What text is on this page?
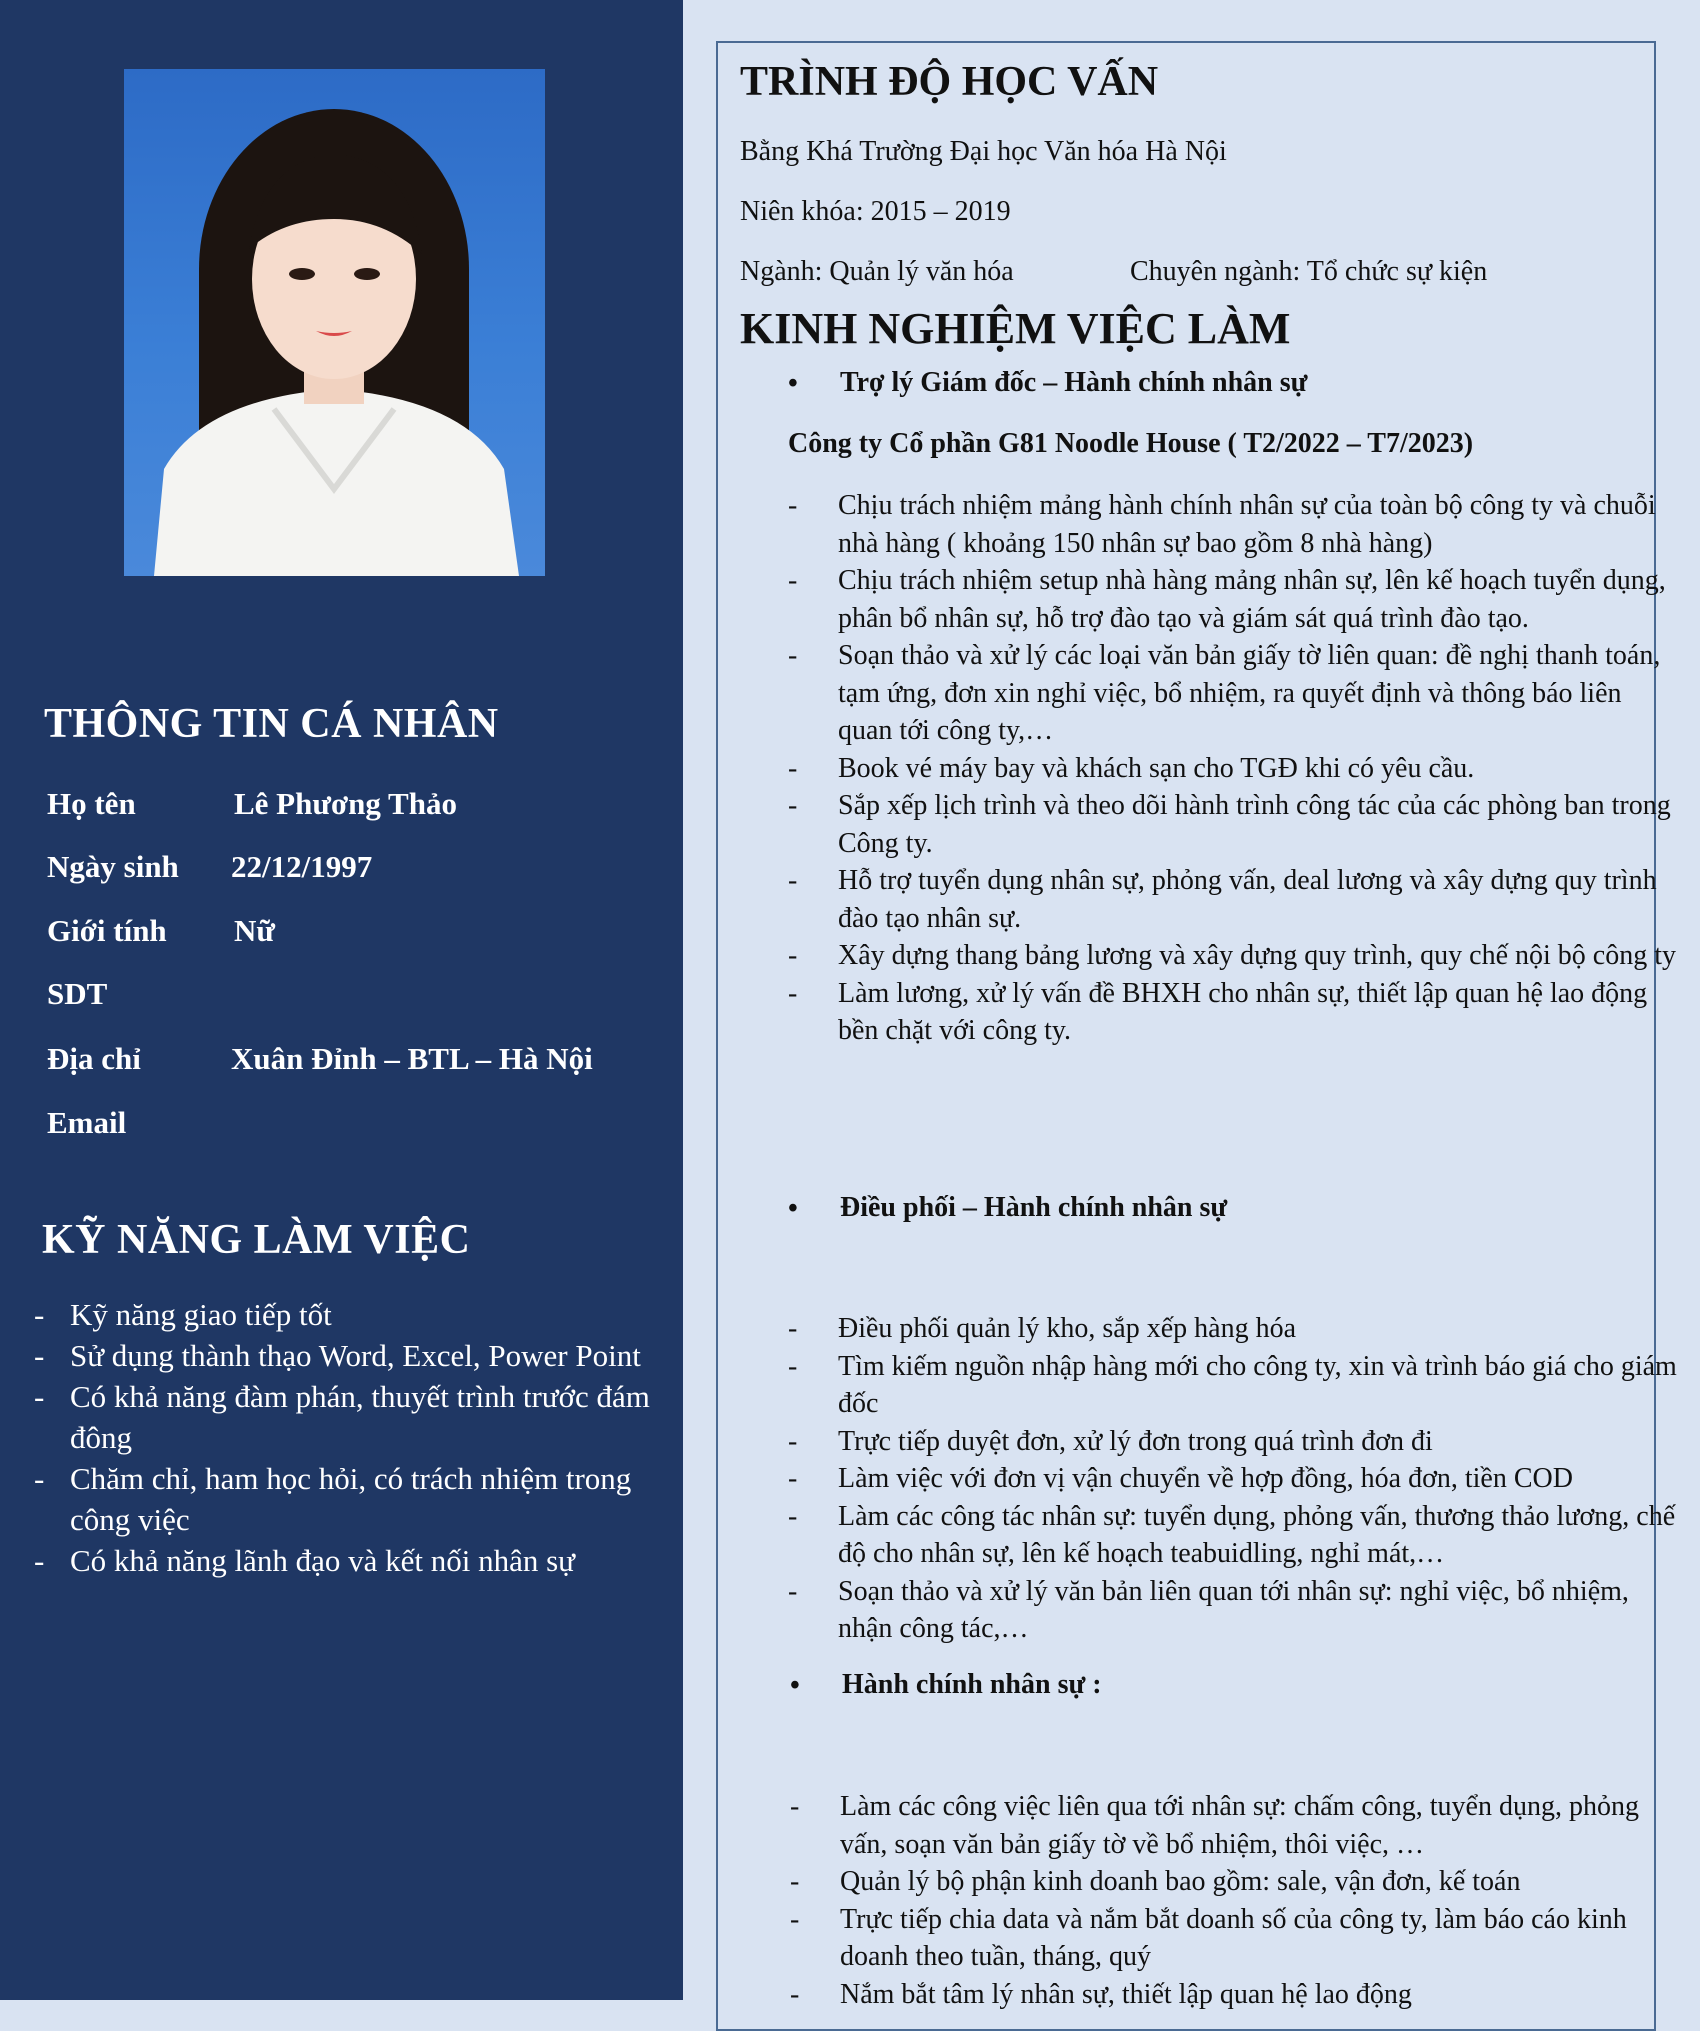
THÔNG TIN CÁ NHÂN
Họ tên	Lê Phương Thảo
Ngày sinh 22/12/1997
Giới tính Nữ
SDT
Địa chỉ	Xuân Đỉnh – BTL – Hà Nội
Email
KỸ NĂNG LÀM VIỆC
- Kỹ năng giao tiếp tốt
- Sử dụng thành thạo Word, Excel, Power Point
- Có khả năng đàm phán, thuyết trình trước đám đông
- Chăm chỉ, ham học hỏi, có trách nhiệm trong công việc
- Có khả năng lãnh đạo và kết nối nhân sự
TRÌNH ĐỘ HỌC VẤN
Bằng Khá Trường Đại học Văn hóa Hà Nội
Niên khóa: 2015 – 2019
Ngành: Quản lý văn hóa	Chuyên ngành: Tổ chức sự kiện
KINH NGHIỆM VIỆC LÀM
• Trợ lý Giám đốc – Hành chính nhân sự
Công ty Cổ phần G81 Noodle House ( T2/2022 – T7/2023)
- Chịu trách nhiệm mảng hành chính nhân sự của toàn bộ công ty và chuỗi nhà hàng ( khoảng 150 nhân sự bao gồm 8 nhà hàng)
- Chịu trách nhiệm setup nhà hàng mảng nhân sự, lên kế hoạch tuyển dụng, phân bổ nhân sự, hỗ trợ đào tạo và giám sát quá trình đào tạo.
- Soạn thảo và xử lý các loại văn bản giấy tờ liên quan: đề nghị thanh toán, tạm ứng, đơn xin nghỉ việc, bổ nhiệm, ra quyết định và thông báo liên quan tới công ty,…
- Book vé máy bay và khách sạn cho TGĐ khi có yêu cầu.
- Sắp xếp lịch trình và theo dõi hành trình công tác của các phòng ban trong Công ty.
- Hỗ trợ tuyển dụng nhân sự, phỏng vấn, deal lương và xây dựng quy trình đào tạo nhân sự.
- Xây dựng thang bảng lương và xây dựng quy trình, quy chế nội bộ công ty
- Làm lương, xử lý vấn đề BHXH cho nhân sự, thiết lập quan hệ lao động bền chặt với công ty.
• Điều phối – Hành chính nhân sự
- Điều phối quản lý kho, sắp xếp hàng hóa
- Tìm kiếm nguồn nhập hàng mới cho công ty, xin và trình báo giá cho giám đốc
- Trực tiếp duyệt đơn, xử lý đơn trong quá trình đơn đi
- Làm việc với đơn vị vận chuyển về hợp đồng, hóa đơn, tiền COD
- Làm các công tác nhân sự: tuyển dụng, phỏng vấn, thương thảo lương, chế độ cho nhân sự, lên kế hoạch teabuidling, nghỉ mát,…
- Soạn thảo và xử lý văn bản liên quan tới nhân sự: nghỉ việc, bổ nhiệm, nhận công tác,…
• Hành chính nhân sự :
- Làm các công việc liên qua tới nhân sự: chấm công, tuyển dụng, phỏng vấn, soạn văn bản giấy tờ về bổ nhiệm, thôi việc, …
- Quản lý bộ phận kinh doanh bao gồm: sale, vận đơn, kế toán
- Trực tiếp chia data và nắm bắt doanh số của công ty, làm báo cáo kinh doanh theo tuần, tháng, quý
- Nắm bắt tâm lý nhân sự, thiết lập quan hệ lao động
